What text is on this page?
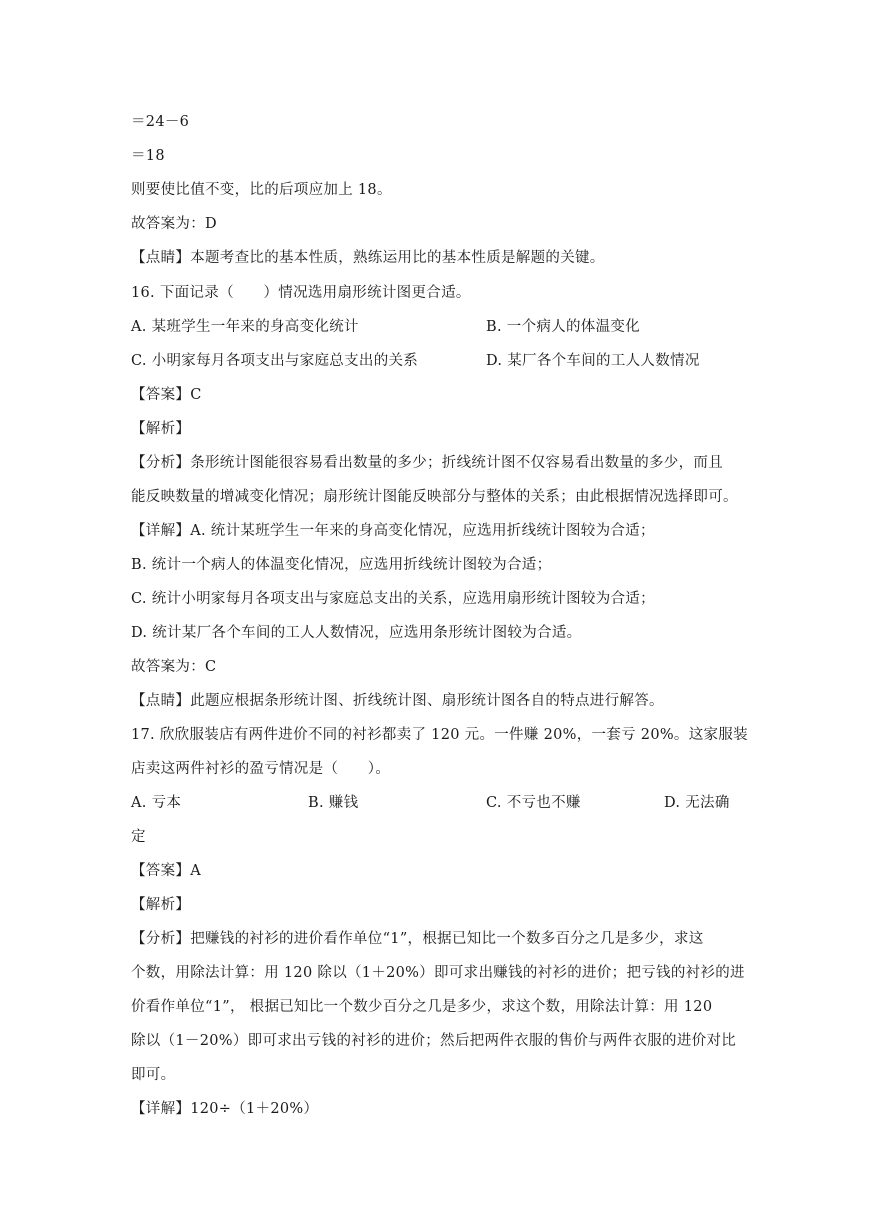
＝24－6
＝18
则要使比值不变，比的后项应加上 18。
故答案为：D
【点睛】本题考查比的基本性质，熟练运用比的基本性质是解题的关键。
16. 下面记录（　　）情况选用扇形统计图更合适。
A. 某班学生一年来的身高变化统计	B. 一个病人的体温变化
C. 小明家每月各项支出与家庭总支出的关系	D. 某厂各个车间的工人人数情况
【答案】C
【解析】
【分析】条形统计图能很容易看出数量的多少；折线统计图不仅容易看出数量的多少，而且
能反映数量的增减变化情况；扇形统计图能反映部分与整体的关系；由此根据情况选择即可。
【详解】A. 统计某班学生一年来的身高变化情况，应选用折线统计图较为合适；
B. 统计一个病人的体温变化情况，应选用折线统计图较为合适；
C. 统计小明家每月各项支出与家庭总支出的关系，应选用扇形统计图较为合适；
D. 统计某厂各个车间的工人人数情况，应选用条形统计图较为合适。
故答案为：C
【点睛】此题应根据条形统计图、折线统计图、扇形统计图各自的特点进行解答。
17. 欣欣服装店有两件进价不同的衬衫都卖了 120 元。一件赚 20%，一套亏 20%。这家服装
店卖这两件衬衫的盈亏情况是（　　）。
A. 亏本	B. 赚钱	C. 不亏也不赚	D. 无法确
定
【答案】A
【解析】
【分析】把赚钱的衬衫的进价看作单位“1”，根据已知比一个数多百分之几是多少，求这
个数，用除法计算：用 120 除以（1＋20%）即可求出赚钱的衬衫的进价；把亏钱的衬衫的进
价看作单位“1”， 根据已知比一个数少百分之几是多少，求这个数，用除法计算：用 120
除以（1－20%）即可求出亏钱的衬衫的进价；然后把两件衣服的售价与两件衣服的进价对比
即可。
【详解】120÷（1＋20%）
